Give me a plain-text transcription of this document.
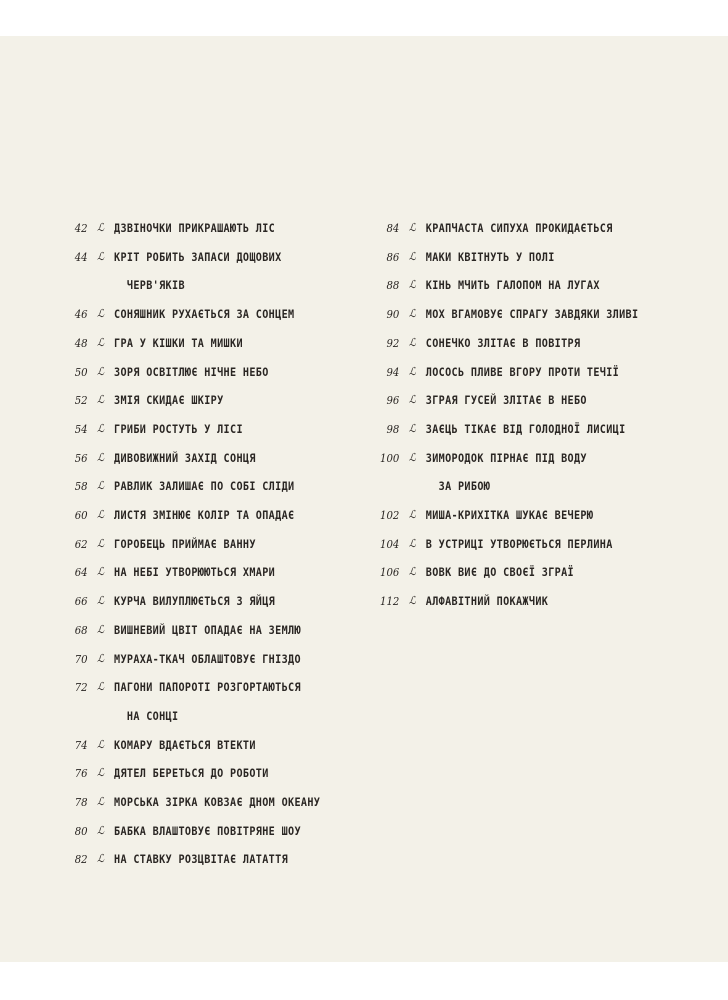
42 ℒ ДЗВІНОЧКИ ПРИКРАШАЮТЬ ЛІС
44 ℒ КРІТ РОБИТЬ ЗАПАСИ ДОЩОВИХ
ЧЕРВ'ЯКІВ
46 ℒ СОНЯШНИК РУХАЄТЬСЯ ЗА СОНЦЕМ
48 ℒ ГРА У КІШКИ ТА МИШКИ
50 ℒ ЗОРЯ ОСВІТЛЮЄ НІЧНЕ НЕБО
52 ℒ ЗМІЯ СКИДАЄ ШКІРУ
54 ℒ ГРИБИ РОСТУТЬ У ЛІСІ
56 ℒ ДИВОВИЖНИЙ ЗАХІД СОНЦЯ
58 ℒ РАВЛИК ЗАЛИШАЄ ПО СОБІ СЛІДИ
60 ℒ ЛИСТЯ ЗМІНЮЄ КОЛІР ТА ОПАДАЄ
62 ℒ ГОРОБЕЦЬ ПРИЙМАЄ ВАННУ
64 ℒ НА НЕБІ УТВОРЮЮТЬСЯ ХМАРИ
66 ℒ КУРЧА ВИЛУПЛЮЄТЬСЯ З ЯЙЦЯ
68 ℒ ВИШНЕВИЙ ЦВІТ ОПАДАЄ НА ЗЕМЛЮ
70 ℒ МУРАХА-ТКАЧ ОБЛАШТОВУЄ ГНІЗДО
72 ℒ ПАГОНИ ПАПОРОТІ РОЗГОРТАЮТЬСЯ
НА СОНЦІ
74 ℒ КОМАРУ ВДАЄТЬСЯ ВТЕКТИ
76 ℒ ДЯТЕЛ БЕРЕТЬСЯ ДО РОБОТИ
78 ℒ МОРСЬКА ЗІРКА КОВЗАЄ ДНОМ ОКЕАНУ
80 ℒ БАБКА ВЛАШТОВУЄ ПОВІТРЯНЕ ШОУ
82 ℒ НА СТАВКУ РОЗЦВІТАЄ ЛАТАТТЯ
84 ℒ КРАПЧАСТА СИПУХА ПРОКИДАЄТЬСЯ
86 ℒ МАКИ КВІТНУТЬ У ПОЛІ
88 ℒ КІНЬ МЧИТЬ ГАЛОПОМ НА ЛУГАХ
90 ℒ МОХ ВГАМОВУЄ СПРАГУ ЗАВДЯКИ ЗЛИВІ
92 ℒ СОНЕЧКО ЗЛІТАЄ В ПОВІТРЯ
94 ℒ ЛОСОСЬ ПЛИВЕ ВГОРУ ПРОТИ ТЕЧІЇ
96 ℒ ЗГРАЯ ГУСЕЙ ЗЛІТАЄ В НЕБО
98 ℒ ЗАЄЦЬ ТІКАЄ ВІД ГОЛОДНОЇ ЛИСИЦІ
100 ℒ ЗИМОРОДОК ПІРНАЄ ПІД ВОДУ
ЗА РИБОЮ
102 ℒ МИША-КРИХІТКА ШУКАЄ ВЕЧЕРЮ
104 ℒ В УСТРИЦІ УТВОРЮЄТЬСЯ ПЕРЛИНА
106 ℒ ВОВК ВИЄ ДО СВОЄЇ ЗГРАЇ
112 ℒ АЛФАВІТНИЙ ПОКАЖЧИК
